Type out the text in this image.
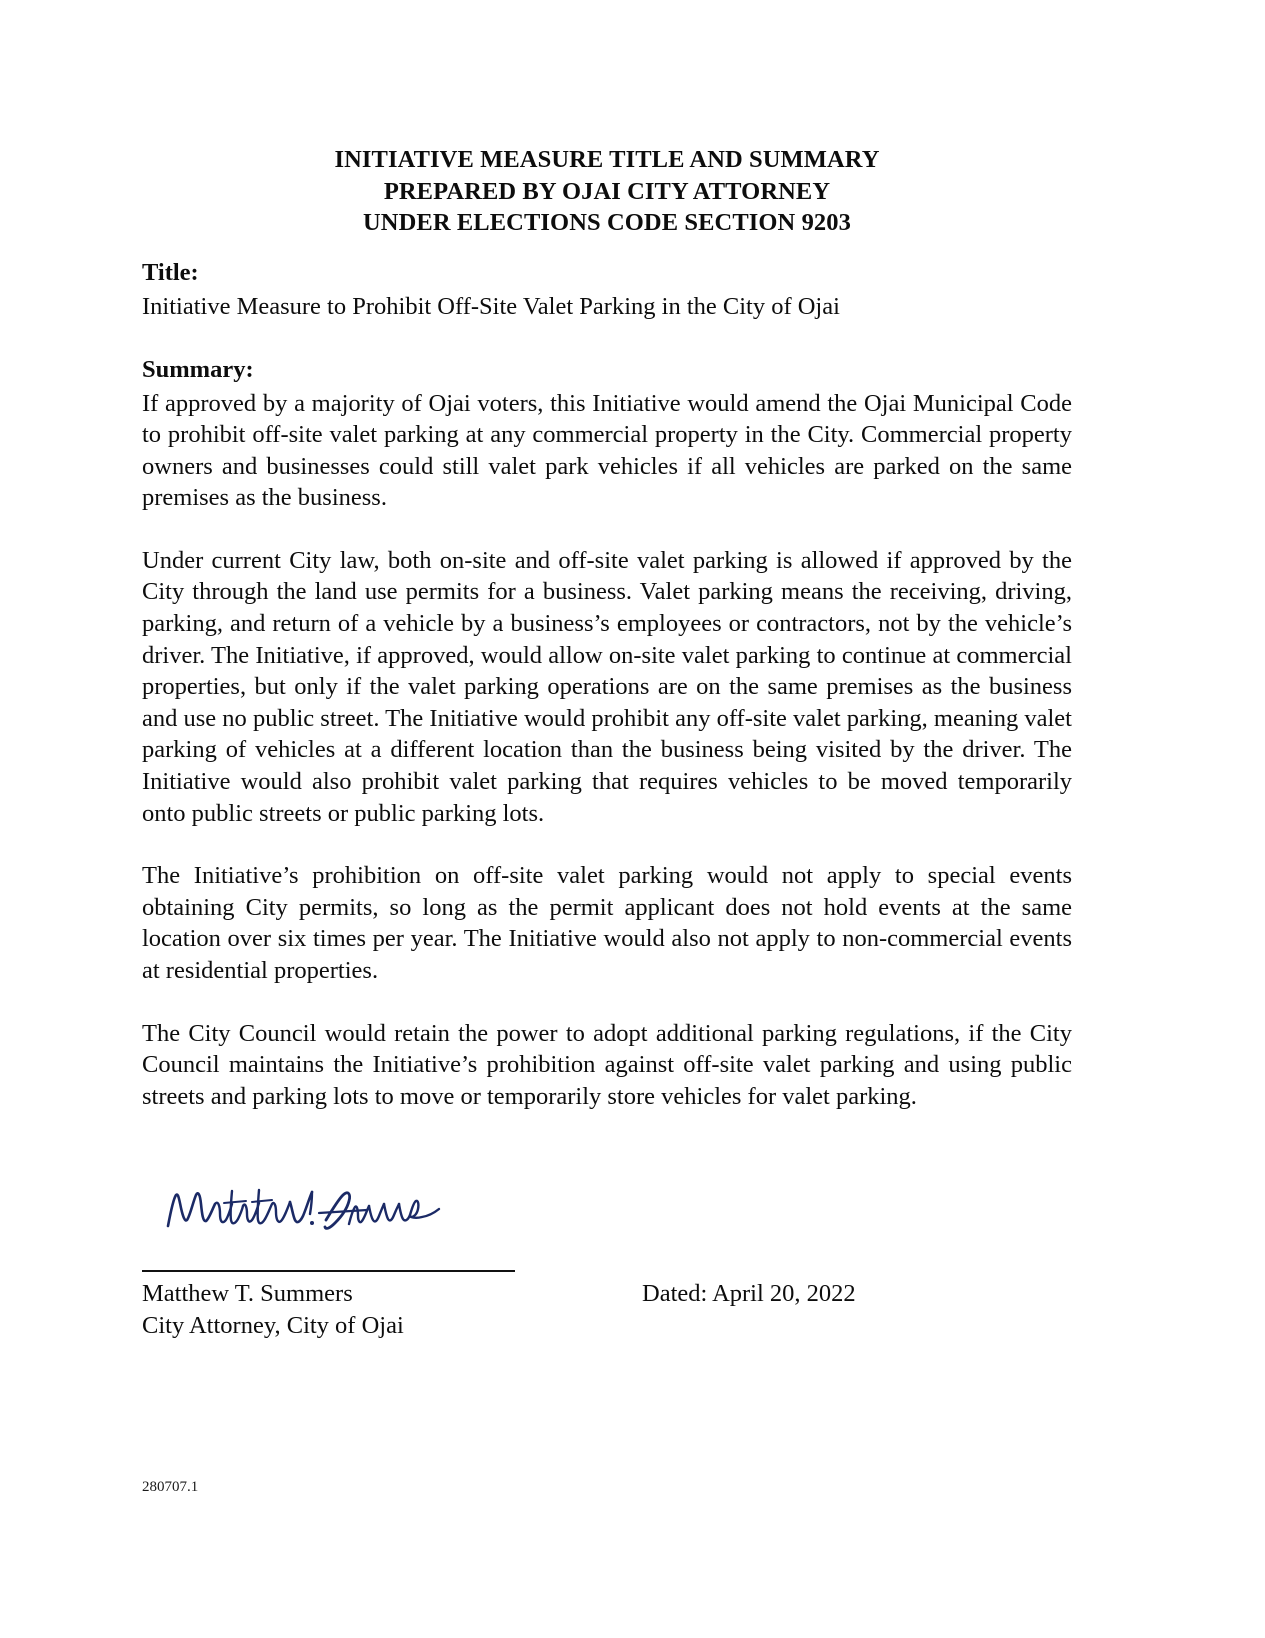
INITIATIVE MEASURE TITLE AND SUMMARY
PREPARED BY OJAI CITY ATTORNEY
UNDER ELECTIONS CODE SECTION 9203
Title:
Initiative Measure to Prohibit Off-Site Valet Parking in the City of Ojai
Summary:

If approved by a majority of Ojai voters, this Initiative would amend the Ojai Municipal Code to prohibit off-site valet parking at any commercial property in the City. Commercial property owners and businesses could still valet park vehicles if all vehicles are parked on the same premises as the business.

Under current City law, both on-site and off-site valet parking is allowed if approved by the City through the land use permits for a business. Valet parking means the receiving, driving, parking, and return of a vehicle by a business’s employees or contractors, not by the vehicle’s driver. The Initiative, if approved, would allow on-site valet parking to continue at commercial properties, but only if the valet parking operations are on the same premises as the business and use no public street. The Initiative would prohibit any off-site valet parking, meaning valet parking of vehicles at a different location than the business being visited by the driver. The Initiative would also prohibit valet parking that requires vehicles to be moved temporarily onto public streets or public parking lots.

The Initiative’s prohibition on off-site valet parking would not apply to special events obtaining City permits, so long as the permit applicant does not hold events at the same location over six times per year. The Initiative would also not apply to non-commercial events at residential properties.

The City Council would retain the power to adopt additional parking regulations, if the City Council maintains the Initiative’s prohibition against off-site valet parking and using public streets and parking lots to move or temporarily store vehicles for valet parking.

Matthew T. Summers	Dated: April 20, 2022
City Attorney, City of Ojai
280707.1
